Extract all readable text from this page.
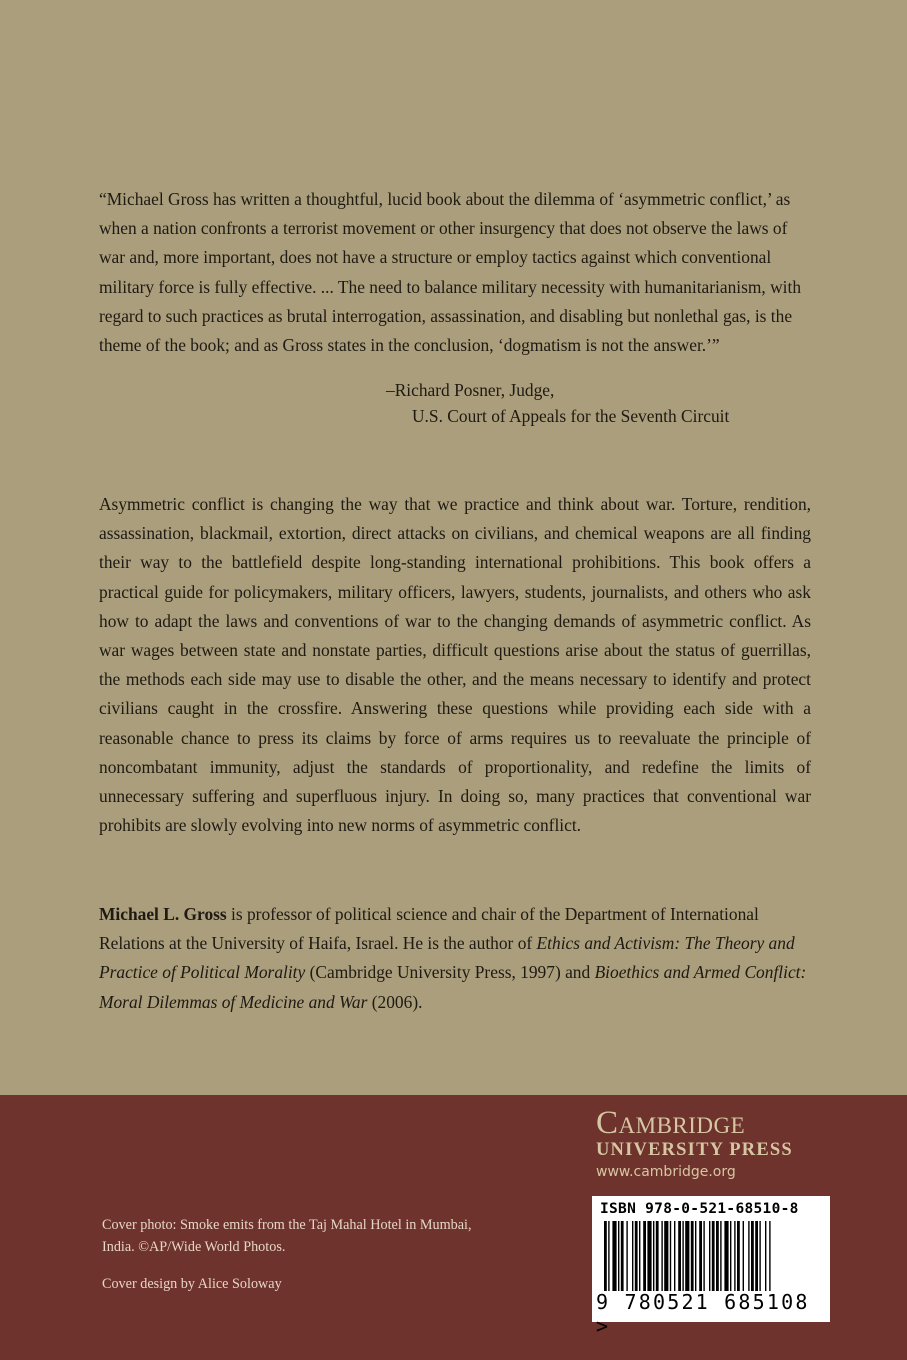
“Michael Gross has written a thoughtful, lucid book about the dilemma of ‘asymmetric conflict,’ as when a nation confronts a terrorist movement or other insurgency that does not observe the laws of war and, more important, does not have a structure or employ tactics against which conventional military force is fully effective. ... The need to balance military necessity with humanitarianism, with regard to such practices as brutal interrogation, assassination, and disabling but nonlethal gas, is the theme of the book; and as Gross states in the conclusion, ‘dogmatism is not the answer.’”
–Richard Posner, Judge,
U.S. Court of Appeals for the Seventh Circuit
Asymmetric conflict is changing the way that we practice and think about war. Torture, rendition, assassination, blackmail, extortion, direct attacks on civilians, and chemical weapons are all finding their way to the battlefield despite long-standing international prohibitions. This book offers a practical guide for policymakers, military officers, lawyers, students, journalists, and others who ask how to adapt the laws and conventions of war to the changing demands of asymmetric conflict. As war wages between state and nonstate parties, difficult questions arise about the status of guerrillas, the methods each side may use to disable the other, and the means necessary to identify and protect civilians caught in the crossfire. Answering these questions while providing each side with a reasonable chance to press its claims by force of arms requires us to reevaluate the principle of noncombatant immunity, adjust the standards of proportionality, and redefine the limits of unnecessary suffering and superfluous injury. In doing so, many practices that conventional war prohibits are slowly evolving into new norms of asymmetric conflict.
Michael L. Gross is professor of political science and chair of the Department of International Relations at the University of Haifa, Israel. He is the author of Ethics and Activism: The Theory and Practice of Political Morality (Cambridge University Press, 1997) and Bioethics and Armed Conflict: Moral Dilemmas of Medicine and War (2006).
Cover photo: Smoke emits from the Taj Mahal Hotel in Mumbai, India. ©AP/Wide World Photos.
Cover design by Alice Soloway
Cambridge
UNIVERSITY PRESS
www.cambridge.org
ISBN 978-0-521-68510-8
9 780521 685108 >
